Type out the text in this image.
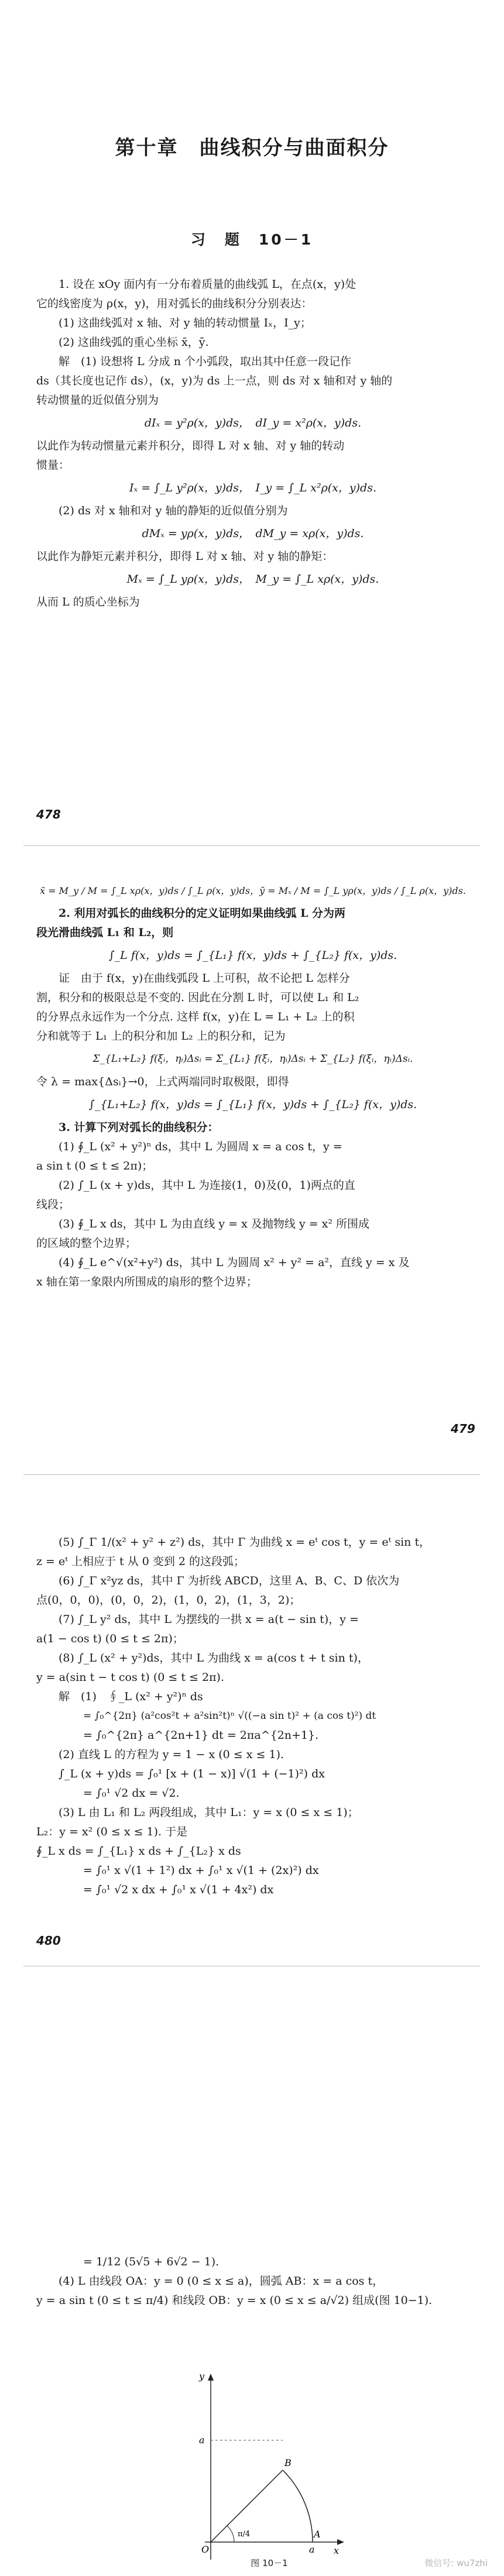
第十章　曲线积分与曲面积分
习　题　10－1
1. 设在 xOy 面内有一分布着质量的曲线弧 L，在点(x，y)处
它的线密度为 ρ(x，y)，用对弧长的曲线积分分别表达：
(1) 这曲线弧对 x 轴、对 y 轴的转动惯量 Iₓ，I_y；
(2) 这曲线弧的重心坐标 x̄，ȳ.
解　(1) 设想将 L 分成 n 个小弧段，取出其中任意一段记作
ds（其长度也记作 ds），(x，y)为 ds 上一点，则 ds 对 x 轴和对 y 轴的
转动惯量的近似值分别为
dIₓ = y²ρ(x，y)ds，　dI_y = x²ρ(x，y)ds.
以此作为转动惯量元素并积分，即得 L 对 x 轴、对 y 轴的转动
惯量：
Iₓ = ∫_L y²ρ(x，y)ds，　I_y = ∫_L x²ρ(x，y)ds.
(2) ds 对 x 轴和对 y 轴的静矩的近似值分别为
dMₓ = yρ(x，y)ds，　dM_y = xρ(x，y)ds.
以此作为静矩元素并积分，即得 L 对 x 轴、对 y 轴的静矩：
Mₓ = ∫_L yρ(x，y)ds，　M_y = ∫_L xρ(x，y)ds.
从而 L 的质心坐标为
478
x̄ = M_y / M = ∫_L xρ(x，y)ds / ∫_L ρ(x，y)ds，ȳ = Mₓ / M = ∫_L yρ(x，y)ds / ∫_L ρ(x，y)ds.
2. 利用对弧长的曲线积分的定义证明如果曲线弧 L 分为两
段光滑曲线弧 L₁ 和 L₂，则
∫_L f(x，y)ds = ∫_{L₁} f(x，y)ds + ∫_{L₂} f(x，y)ds.
证　由于 f(x，y)在曲线弧段 L 上可积，故不论把 L 怎样分
割，积分和的极限总是不变的. 因此在分割 L 时，可以使 L₁ 和 L₂
的分界点永远作为一个分点. 这样 f(x，y)在 L = L₁ + L₂ 上的积
分和就等于 L₁ 上的积分和加 L₂ 上的积分和，记为
Σ_{L₁+L₂} f(ξᵢ，ηᵢ)Δsᵢ = Σ_{L₁} f(ξᵢ，ηᵢ)Δsᵢ + Σ_{L₂} f(ξᵢ，ηᵢ)Δsᵢ.
令 λ = max{Δsᵢ}→0，上式两端同时取极限，即得
∫_{L₁+L₂} f(x，y)ds = ∫_{L₁} f(x，y)ds + ∫_{L₂} f(x，y)ds.
3. 计算下列对弧长的曲线积分：
(1) ∮_L (x² + y²)ⁿ ds，其中 L 为圆周 x = a cos t，y =
a sin t (0 ≤ t ≤ 2π)；
(2) ∫_L (x + y)ds，其中 L 为连接(1，0)及(0，1)两点的直
线段；
(3) ∮_L x ds，其中 L 为由直线 y = x 及抛物线 y = x² 所围成
的区域的整个边界；
(4) ∮_L e^√(x²+y²) ds，其中 L 为圆周 x² + y² = a²，直线 y = x 及
x 轴在第一象限内所围成的扇形的整个边界；
479
(5) ∫_Γ 1/(x² + y² + z²) ds，其中 Γ 为曲线 x = eᵗ cos t，y = eᵗ sin t，
z = eᵗ 上相应于 t 从 0 变到 2 的这段弧；
(6) ∫_Γ x²yz ds，其中 Γ 为折线 ABCD，这里 A、B、C、D 依次为
点(0，0，0)，(0，0，2)，(1，0，2)，(1，3，2)；
(7) ∫_L y² ds，其中 L 为摆线的一拱 x = a(t − sin t)，y =
a(1 − cos t) (0 ≤ t ≤ 2π)；
(8) ∫_L (x² + y²)ds，其中 L 为曲线 x = a(cos t + t sin t)，
y = a(sin t − t cos t) (0 ≤ t ≤ 2π).
解　(1)　∮_L (x² + y²)ⁿ ds
= ∫₀^{2π} (a²cos²t + a²sin²t)ⁿ √((−a sin t)² + (a cos t)²) dt
= ∫₀^{2π} a^{2n+1} dt = 2πa^{2n+1}.
(2) 直线 L 的方程为 y = 1 − x (0 ≤ x ≤ 1).
∫_L (x + y)ds = ∫₀¹ [x + (1 − x)] √(1 + (−1)²) dx
= ∫₀¹ √2 dx = √2.
(3) L 由 L₁ 和 L₂ 两段组成，其中 L₁：y = x (0 ≤ x ≤ 1)；
L₂：y = x² (0 ≤ x ≤ 1). 于是
∮_L x ds = ∫_{L₁} x ds + ∫_{L₂} x ds
= ∫₀¹ x √(1 + 1²) dx + ∫₀¹ x √(1 + (2x)²) dx
= ∫₀¹ √2 x dx + ∫₀¹ x √(1 + 4x²) dx
480
= 1/12 (5√5 + 6√2 − 1).
(4) L 由线段 OA：y = 0 (0 ≤ x ≤ a)，圆弧 AB：x = a cos t，
y = a sin t (0 ≤ t ≤ π/4) 和线段 OB：y = x (0 ≤ x ≤ a/√2) 组成(图 10−1).
y
a
B
π/4
O
A
a x
图 10－1	微信号: wu7zhi
